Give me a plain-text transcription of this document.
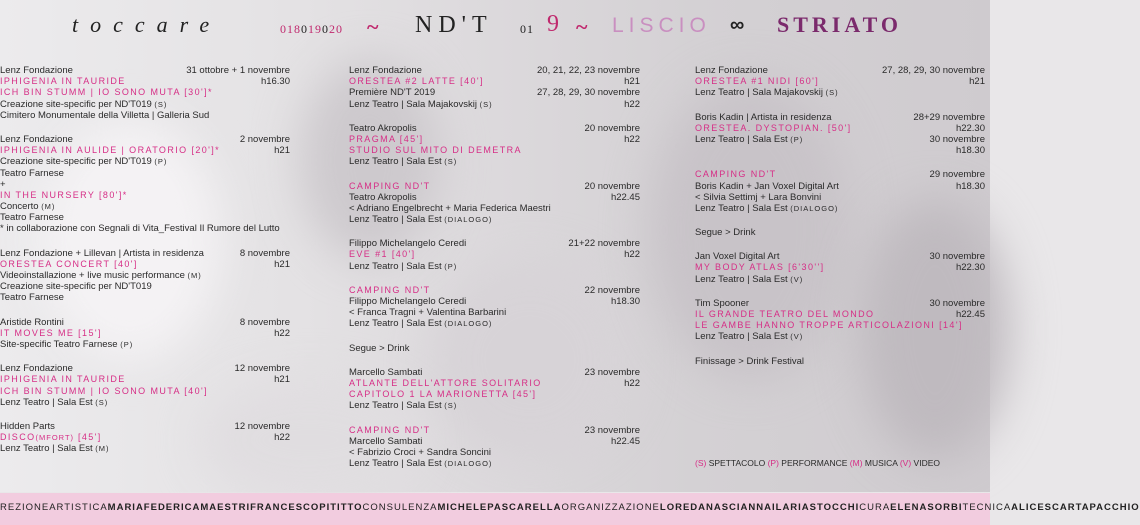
toccare	018019020 ~ ND'T 01 9 ~ LISCIO ∞ STRIATO
Lenz Fondazione	31 ottobre + 1 novembre
IPHIGENIA IN TAURIDE	h16.30
ICH BIN STUMM | IO SONO MUTA [30']*
Creazione site-specific per ND'T019 (S)
Cimitero Monumentale della Villetta | Galleria Sud
Lenz Fondazione	2 novembre
IPHIGENIA IN AULIDE | ORATORIO [20']*	h21
Creazione site-specific per ND'T019 (P)
Teatro Farnese
+
IN THE NURSERY [80']*
Concerto (M)
Teatro Farnese
* in collaborazione con Segnali di Vita_Festival Il Rumore del Lutto
Lenz Fondazione + Lillevan | Artista in residenza	8 novembre
ORESTEA CONCERT [40']	h21
Videoinstallazione + live music performance (M)
Creazione site-specific per ND'T019
Teatro Farnese
Aristide Rontini	8 novembre
IT MOVES ME [15']	h22
Site-specific Teatro Farnese (P)
Lenz Fondazione	12 novembre
IPHIGENIA IN TAURIDE	h21
ICH BIN STUMM | IO SONO MUTA [40']
Lenz Teatro | Sala Est (S)
Hidden Parts	12 novembre
DISCO(MFORT) [45']	h22
Lenz Teatro | Sala Est (M)
Lenz Fondazione	20, 21, 22, 23 novembre
ORESTEA #2 LATTE [40']	h21
Première ND'T 2019	27, 28, 29, 30 novembre
Lenz Teatro | Sala Majakovskij (S)	h22
Teatro Akropolis	20 novembre
PRAGMA [45']	h22
STUDIO SUL MITO DI DEMETRA
Lenz Teatro | Sala Est (S)
CAMPING ND'T	20 novembre
Teatro Akropolis	h22.45
< Adriano Engelbrecht + Maria Federica Maestri
Lenz Teatro | Sala Est (DIALOGO)
Filippo Michelangelo Ceredi	21+22 novembre
EVE #1 [40']	h22
Lenz Teatro | Sala Est (P)
CAMPING ND'T	22 novembre
Filippo Michelangelo Ceredi	h18.30
< Franca Tragni + Valentina Barbarini
Lenz Teatro | Sala Est (DIALOGO)
Segue > Drink
Marcello Sambati	23 novembre
ATLANTE DELL'ATTORE SOLITARIO	h22
CAPITOLO 1 LA MARIONETTA [45']
Lenz Teatro | Sala Est (S)
CAMPING ND'T	23 novembre
Marcello Sambati	h22.45
< Fabrizio Croci + Sandra Soncini
Lenz Teatro | Sala Est (DIALOGO)
Lenz Fondazione	27, 28, 29, 30 novembre
ORESTEA #1 NIDI [60']	h21
Lenz Teatro | Sala Majakovskij (S)
Boris Kadin | Artista in residenza	28+29 novembre
ORESTEA. DYSTOPIAN. [50']	h22.30
Lenz Teatro | Sala Est (P)	30 novembre
h18.30
CAMPING ND'T	29 novembre
Boris Kadin + Jan Voxel Digital Art	h18.30
< Silvia Settimj + Lara Bonvini
Lenz Teatro | Sala Est (DIALOGO)
Segue > Drink
Jan Voxel Digital Art	30 novembre
MY BODY ATLAS [6'30'']	h22.30
Lenz Teatro | Sala Est (V)
Tim Spooner	30 novembre
IL GRANDE TEATRO DEL MONDO	h22.45
LE GAMBE HANNO TROPPE ARTICOLAZIONI [14']
Lenz Teatro | Sala Est (V)
Finissage > Drink Festival
(S) SPETTACOLO (P) PERFORMANCE (M) MUSICA (V) VIDEO
REZIONEARTISTICAMARIAFEDERICAMAESTRIFRANCESCOPITITTOCONSULENZAMICHELEPASCARELLAORGANIZZAZIONELOREDANASCIANNAILARIASTOCCHICURAELENASORBITECNICAALICESCARTAPACCHIO
